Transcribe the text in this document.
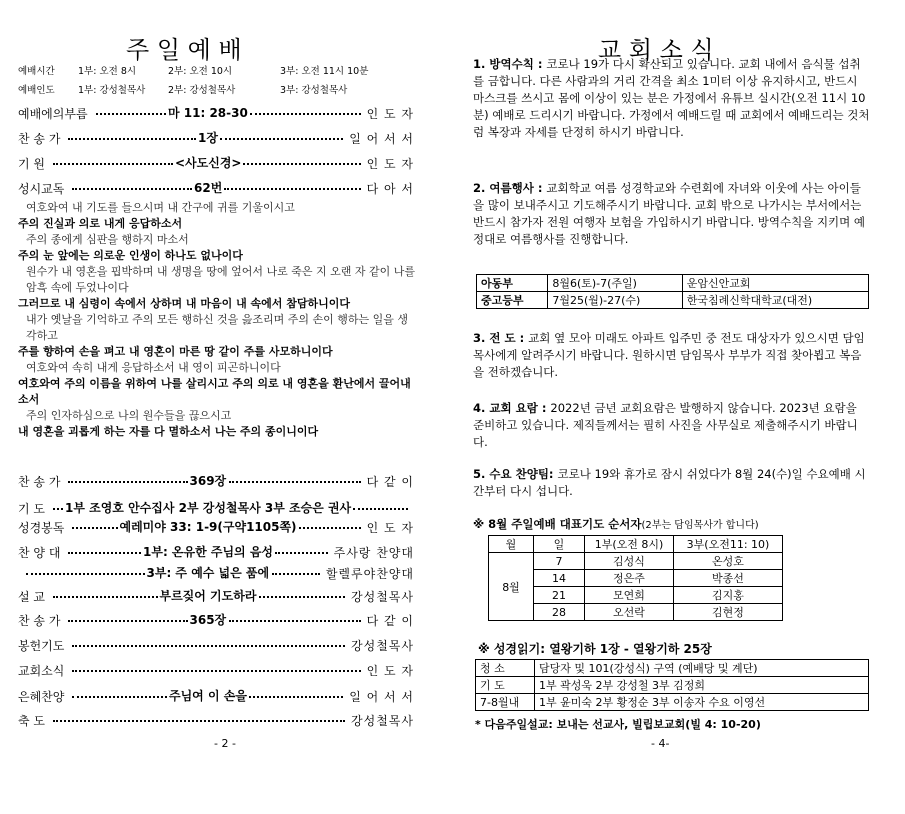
주 일 예 배
예배시간 1부: 오전 8시	2부: 오전 10시	3부: 오전 11시 10분
예배인도 1부: 강성철목사 2부: 강성철목사	3부: 강성철목사
예배에의부름	마 11: 28-30	인 도 자
찬 송 가	1장	일 어 서 서
기 원	<사도신경>	인 도 자
성시교독	62번	다 아 서
여호와여 내 기도를 들으시며 내 간구에 귀를 기울이시고
주의 진실과 의로 내게 응답하소서
주의 종에게 심판을 행하지 마소서
주의 눈 앞에는 의로운 인생이 하나도 없나이다
원수가 내 영혼을 핍박하며 내 생명을 땅에 엎어서 나로 죽은 지 오랜 자 같이 나를 암흑 속에 두었나이다
그러므로 내 심령이 속에서 상하며 내 마음이 내 속에서 참담하니이다
내가 옛날을 기억하고 주의 모든 행하신 것을 읊조리며 주의 손이 행하는 일을 생각하고
주를 향하여 손을 펴고 내 영혼이 마른 땅 같이 주를 사모하니이다
여호와여 속히 내게 응답하소서 내 영이 피곤하니이다
여호와여 주의 이름을 위하여 나를 살리시고 주의 의로 내 영혼을 환난에서 끌어내소서
주의 인자하심으로 나의 원수들을 끊으시고
내 영혼을 괴롭게 하는 자를 다 멸하소서 나는 주의 종이니이다
찬 송 가	369장	다 같 이
기 도 1부 조영호 안수집사 2부 강성철목사 3부 조승은 권사
성경봉독	예레미야 33: 1-9(구약1105쪽)	인 도 자
찬 양 대	1부: 온유한 주님의 음성	주사랑 찬양대
3부: 주 예수 넓은 품에	할렐루야찬양대
설 교	부르짖어 기도하라	강성철목사
찬 송 가	365장	다 같 이
봉헌기도	강성철목사
교회소식	인 도 자
은혜찬양	주님여 이 손을	일 어 서 서
축 도	강성철목사
- 2 -
교 회 소 식
1. 방역수칙 : 코로나 19가 다시 확산되고 있습니다. 교회 내에서 음식물 섭취를 금합니다. 다른 사람과의 거리 간격을 최소 1미터 이상 유지하시고, 반드시 마스크를 쓰시고 몸에 이상이 있는 분은 가정에서 유튜브 실시간(오전 11시 10분) 예배로 드리시기 바랍니다. 가정에서 예배드릴 때 교회에서 예배드리는 것처럼 복장과 자세를 단정히 하시기 바랍니다.
2. 여름행사 : 교회학교 여름 성경학교와 수련회에 자녀와 이웃에 사는 아이들을 많이 보내주시고 기도해주시기 바랍니다. 교회 밖으로 나가시는 부서에서는 반드시 참가자 전원 여행자 보험을 가입하시기 바랍니다. 방역수칙을 지키며 예정대로 여름행사를 진행합니다.
3. 전 도 : 교회 옆 모아 미래도 아파트 입주민 중 전도 대상자가 있으시면 담임목사에게 알려주시기 바랍니다. 원하시면 담임목사 부부가 직접 찾아뵙고 복음을 전하겠습니다.
4. 교회 요람 : 2022년 금년 교회요람은 발행하지 않습니다. 2023년 요람을 준비하고 있습니다. 제직들께서는 필히 사진을 사무실로 제출해주시기 바랍니다.
5. 수요 찬양팀: 코로나 19와 휴가로 잠시 쉬었다가 8월 24(수)일 수요예배 시간부터 다시 섭니다.
아동부	8월6(토)-7(주일)	운암신안교회
중고등부	7월25(월)-27(수)	한국침례신학대학교(대전)
※ 8월 주일예배 대표기도 순서자(2부는 담임목사가 합니다)
월	일	1부(오전 8시)	3부(오전11: 10)
8월	7	김성식	온성호
	14	정은주	박종선
	21	모연희	김지홍
	28	오선락	김현정
※ 성경읽기: 열왕기하 1장 - 열왕기하 25장
청 소	담당자 및 101(강성식) 구역 (예배당 및 계단)
기 도	1부 곽성욱 2부 강성철 3부 김정희
7-8월내	1부 윤미숙 2부 황정순 3부 이송자 수요 이영선
* 다음주일설교: 보내는 선교사, 빌립보교회(빌 4: 10-20)
- 4-
